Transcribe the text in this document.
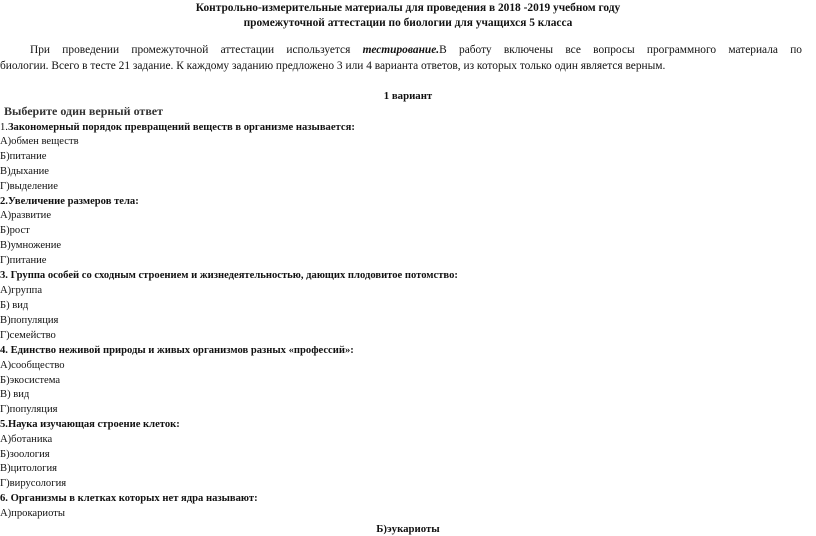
Контрольно-измерительные материалы для проведения в 2018 -2019 учебном году
промежуточной аттестации по биологии для учащихся 5 класса
При проведении промежуточной аттестации используется тестирование.В работу включены все вопросы программного материала по
биологии. Всего в тесте 21 задание. К каждому заданию предложено 3 или 4 варианта ответов, из которых только один является верным.
1 вариант
Выберите один верный ответ
1.Закономерный порядок превращений веществ в организме называется:
А)обмен веществ
Б)питание
В)дыхание
Г)выделение
2.Увеличение размеров тела:
А)развитие
Б)рост
В)умножение
Г)питание
3. Группа особей со сходным строением и жизнедеятельностью, дающих плодовитое потомство:
А)группа
Б) вид
В)популяция
Г)семейство
4. Единство неживой природы и живых организмов разных «профессий»:
А)сообщество
Б)экосистема
В) вид
Г)популяция
5.Наука изучающая строение клеток:
А)ботаника
Б)зоология
В)цитология
Г)вирусология
6. Организмы в клетках которых нет ядра называют:
А)прокариоты
Б)эукариоты
